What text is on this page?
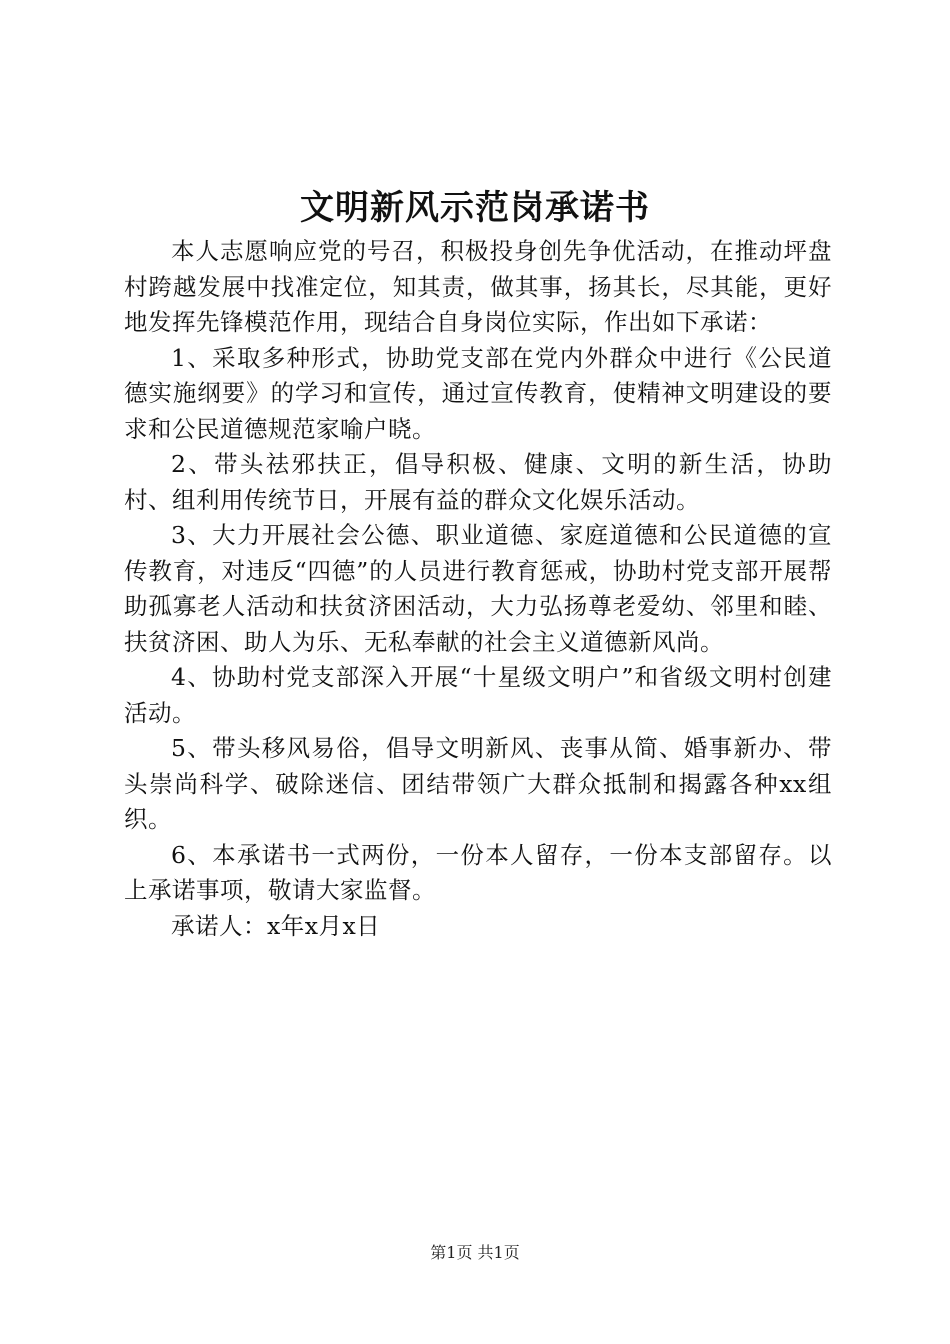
文明新风示范岗承诺书

本人志愿响应党的号召，积极投身创先争优活动，在推动坪盘村跨越发展中找准定位，知其责，做其事，扬其长，尽其能，更好地发挥先锋模范作用，现结合自身岗位实际，作出如下承诺：

1、采取多种形式，协助党支部在党内外群众中进行《公民道德实施纲要》的学习和宣传，通过宣传教育，使精神文明建设的要求和公民道德规范家喻户晓。

2、带头祛邪扶正，倡导积极、健康、文明的新生活，协助村、组利用传统节日，开展有益的群众文化娱乐活动。

3、大力开展社会公德、职业道德、家庭道德和公民道德的宣传教育，对违反“四德”的人员进行教育惩戒，协助村党支部开展帮助孤寡老人活动和扶贫济困活动，大力弘扬尊老爱幼、邻里和睦、扶贫济困、助人为乐、无私奉献的社会主义道德新风尚。

4、协助村党支部深入开展“十星级文明户”和省级文明村创建活动。

5、带头移风易俗，倡导文明新风、丧事从简、婚事新办、带头崇尚科学、破除迷信、团结带领广大群众抵制和揭露各种xx组织。

6、本承诺书一式两份，一份本人留存，一份本支部留存。以上承诺事项，敬请大家监督。

承诺人：x年x月x日

第1页 共1页
